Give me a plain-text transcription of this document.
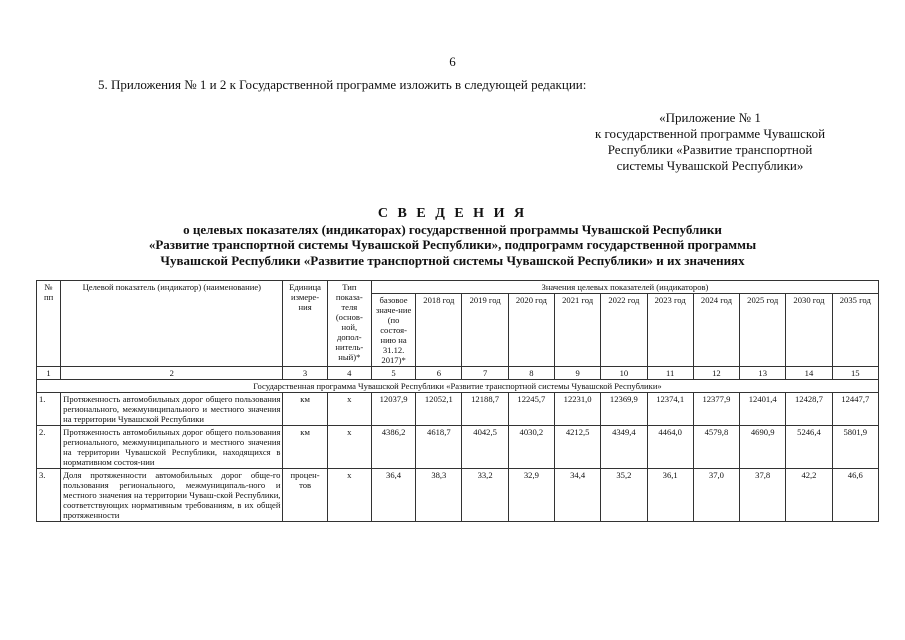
6
5. Приложения № 1 и 2 к Государственной программе изложить в следующей редакции:
«Приложение № 1
к государственной программе Чувашской
Республики «Развитие транспортной
системы Чувашской Республики»
С В Е Д Е Н И Я
о целевых показателях (индикаторах) государственной программы Чувашской Республики
«Развитие транспортной системы Чувашской Республики», подпрограмм государственной программы
Чувашской Республики «Развитие транспортной системы Чувашской Республики» и их значениях
№ пп	Целевой показатель (индикатор) (наименование)	Единица измере-ния	Тип показа-теля (основ-ной, допол-нитель-ный)*	Значения целевых показателей (индикаторов)										
				базовое значе-ние (по состоя-нию на 31.12. 2017)*	2018 год	2019 год	2020 год	2021 год	2022 год	2023 год	2024 год	2025 год	2030 год	2035 год
1	2	3	4	5	6	7	8	9	10	11	12	13	14	15
Государственная программа Чувашской Республики «Развитие транспортной системы Чувашской Республики»														
1.	Протяженность автомобильных дорог общего пользования регионального, межмуниципального и местного значения на территории Чувашской Республики	км	x	12037,9	12052,1	12188,7	12245,7	12231,0	12369,9	12374,1	12377,9	12401,4	12428,7	12447,7
2.	Протяженность автомобильных дорог общего пользования регионального, межмуниципального и местного значения на территории Чувашской Республики, находящихся в нормативном состоя-нии	км	x	4386,2	4618,7	4042,5	4030,2	4212,5	4349,4	4464,0	4579,8	4690,9	5246,4	5801,9
3.	Доля протяженности автомобильных дорог обще-го пользования регионального, межмуниципаль-ного и местного значения на территории Чуваш-ской Республики, соответствующих нормативным требованиям, в их общей протяженности	процен-тов	x	36,4	38,3	33,2	32,9	34,4	35,2	36,1	37,0	37,8	42,2	46,6
